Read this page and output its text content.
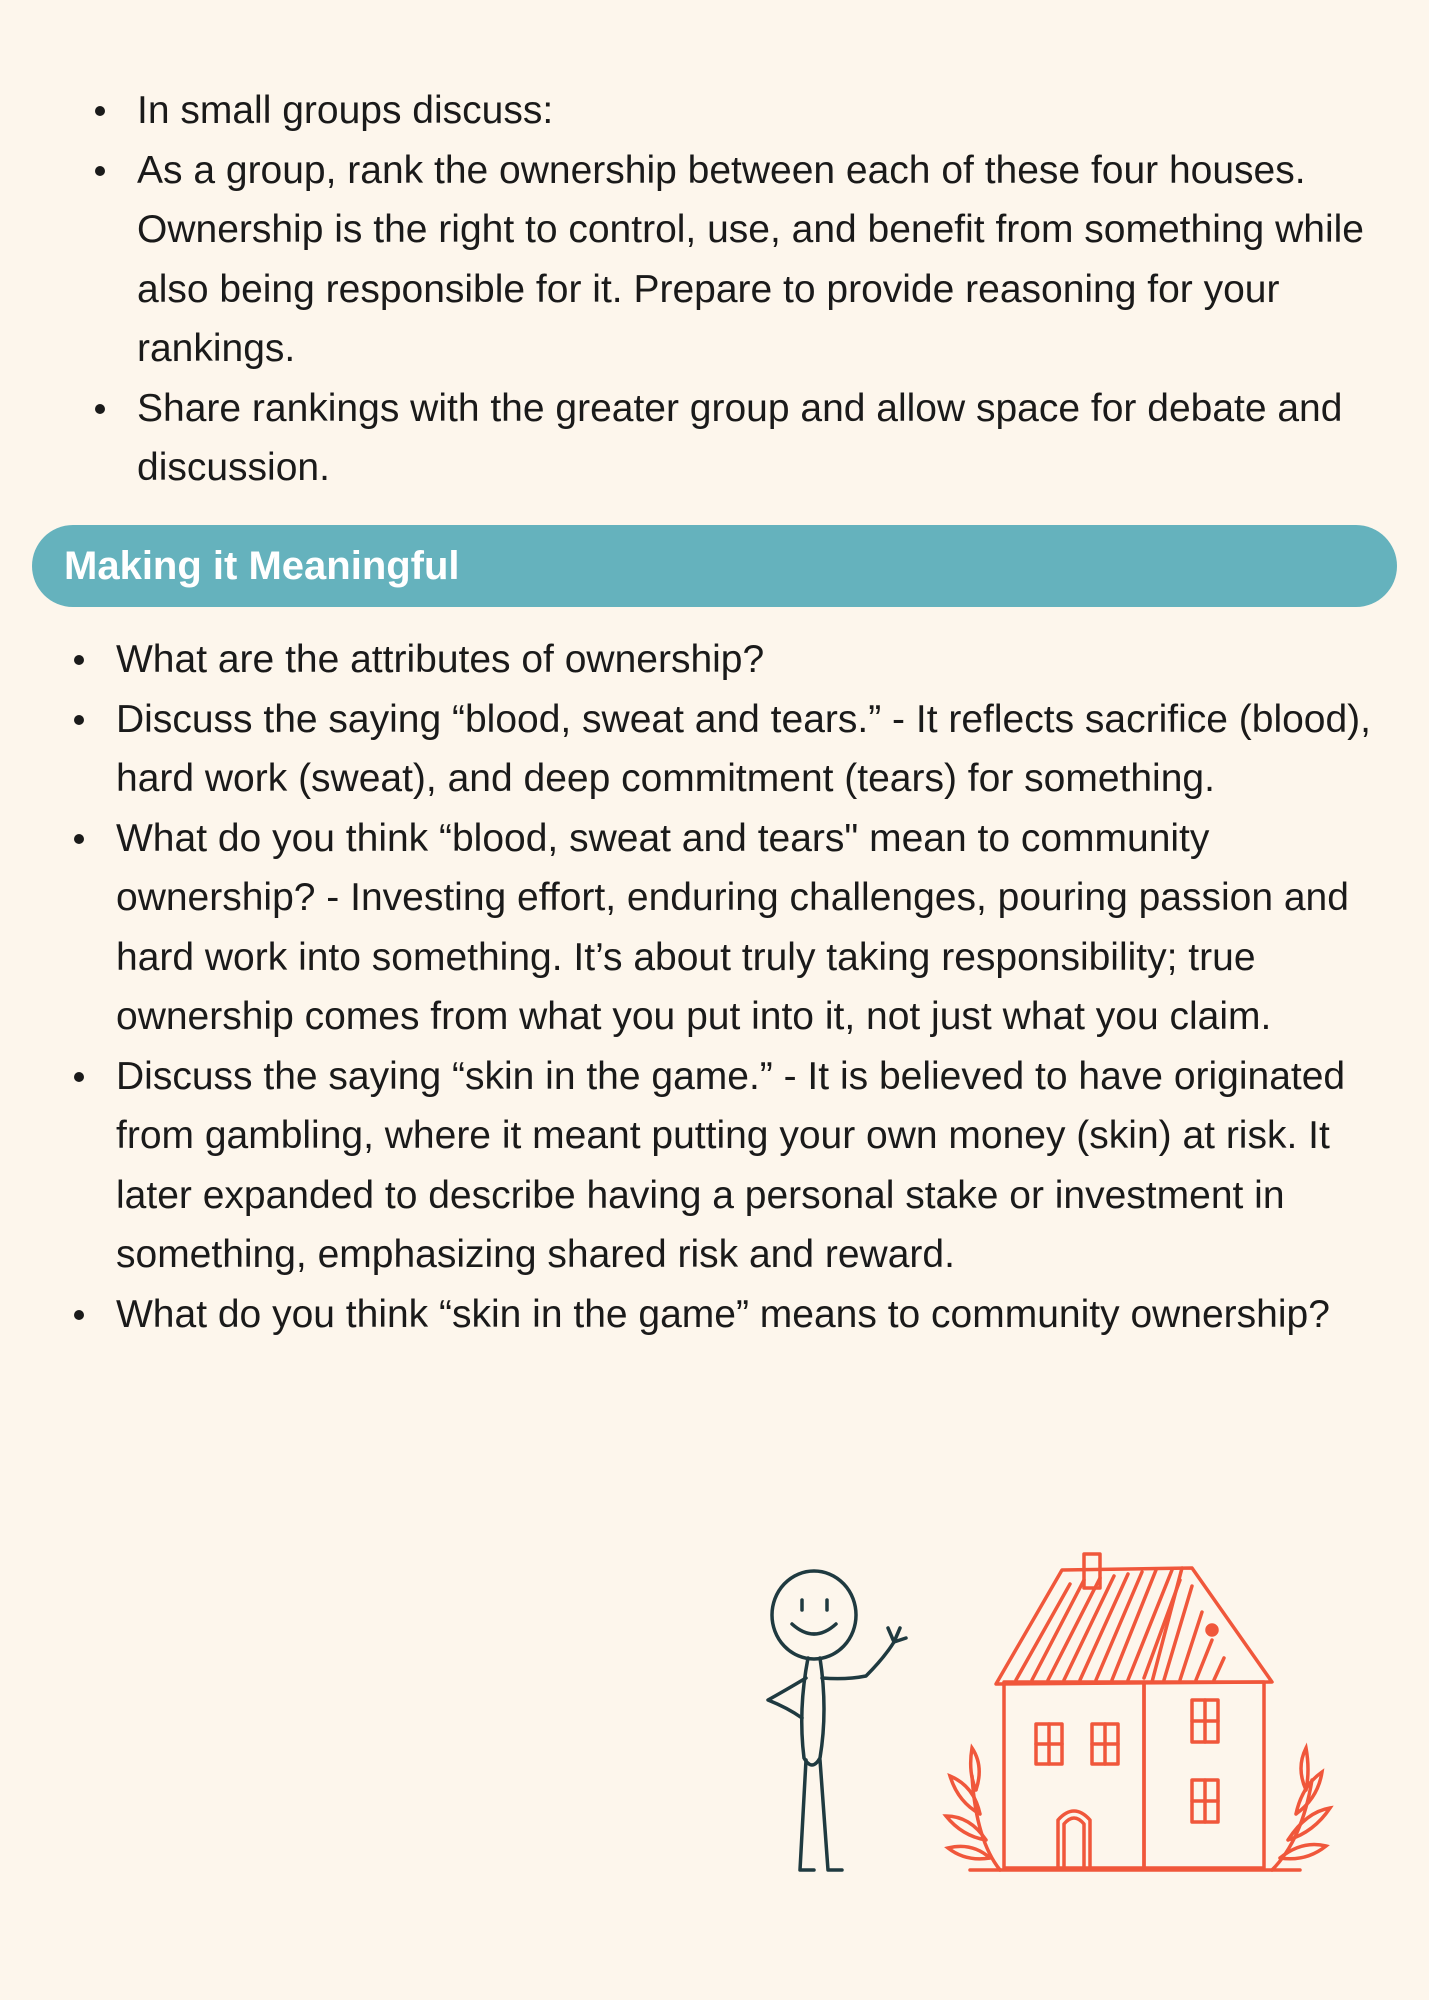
In small groups discuss:
As a group, rank the ownership between each of these four houses. Ownership is the right to control, use, and benefit from something while also being responsible for it. Prepare to provide reasoning for your rankings.
Share rankings with the greater group and allow space for debate and discussion.
Making it Meaningful
What are the attributes of ownership?
Discuss the saying “blood, sweat and tears.” - It reflects sacrifice (blood), hard work (sweat), and deep commitment (tears) for something.
What do you think “blood, sweat and tears" mean to community ownership? - Investing effort, enduring challenges, pouring passion and hard work into something. It’s about truly taking responsibility; true ownership comes from what you put into it, not just what you claim.
Discuss the saying “skin in the game.” - It is believed to have originated from gambling, where it meant putting your own money (skin) at risk. It later expanded to describe having a personal stake or investment in something, emphasizing shared risk and reward.
What do you think “skin in the game” means to community ownership?
